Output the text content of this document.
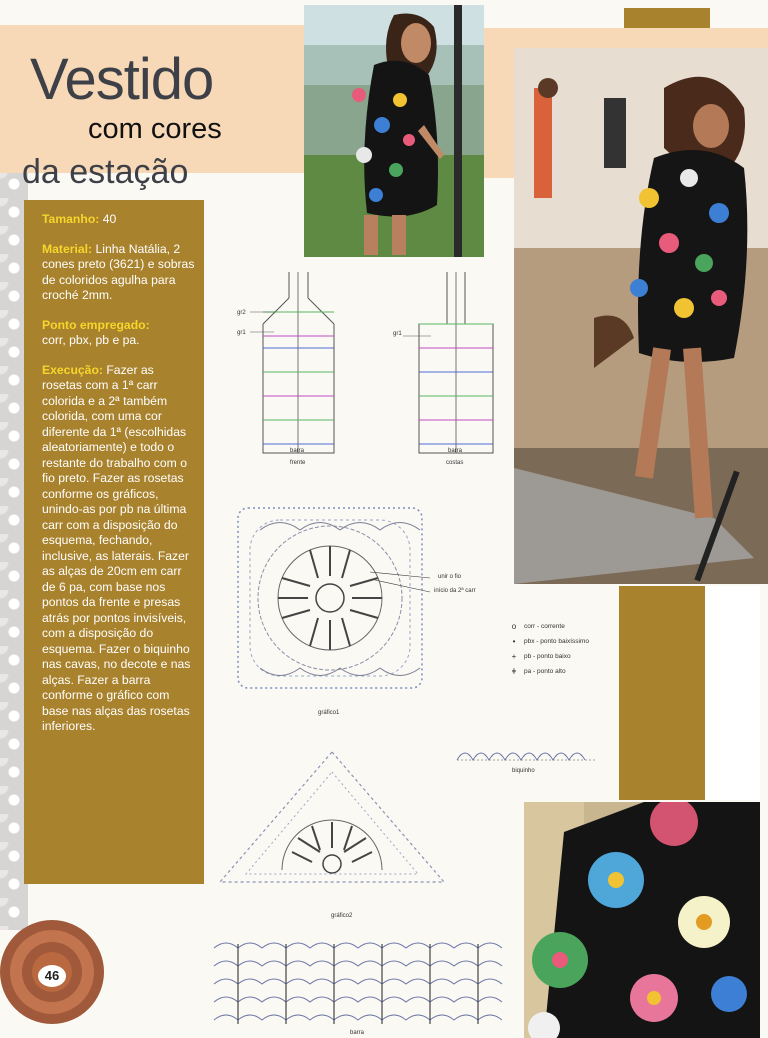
Vestido
com cores
da estação

Tamanho: 40

Material: Linha Natália, 2 cones preto (3621) e sobras de coloridos agulha para croché 2mm.

Ponto empregado:
corr, pbx, pb e pa.

Execução: Fazer as rosetas com a 1ª carr colorida e a 2ª também colorida, com uma cor diferente da 1ª (escolhidas aleatoriamente) e todo o restante do trabalho com o fio preto. Fazer as rosetas conforme os gráficos, unindo-as por pb na última carr com a disposição do esquema, fechando, inclusive, as laterais. Fazer as alças de 20cm em carr de 6 pa, com base nos pontos da frente e presas atrás por pontos invisíveis, com a disposição do esquema. Fazer o biquinho nas cavas, no decote e nas alças. Fazer a barra conforme o gráfico com base nas alças das rosetas inferiores.

gr2
gr1
barra
frente
gr1
barra
costas
unir o fio
início da 2ª carr
gráfico1
o	corr - corrente
•	pbx - ponto baixíssimo
+	pb - ponto baixo
ǂ	pa - ponto alto
biquinho
gráfico2
barra
46
